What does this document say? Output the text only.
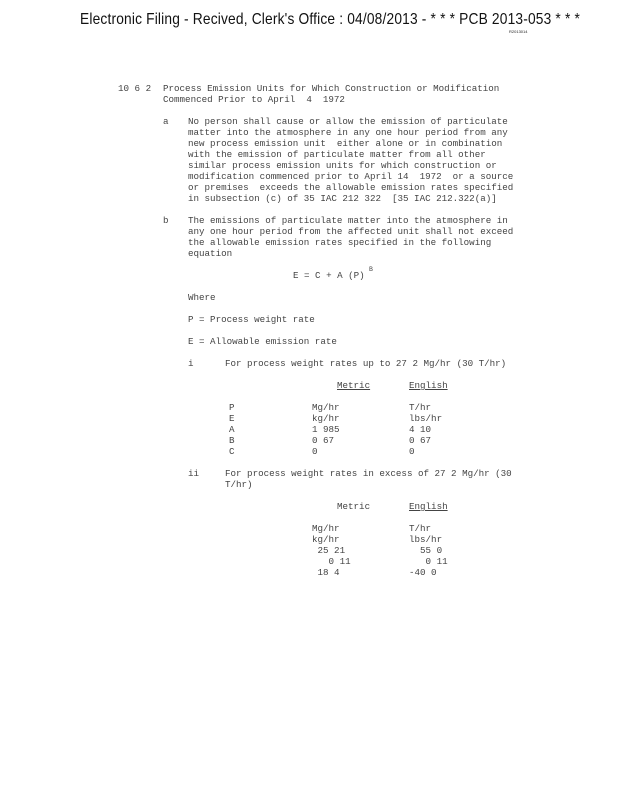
Electronic Filing - Recived, Clerk's Office : 04/08/2013 - * * * PCB 2013-053 * * *
R2013014
10 6 2 Process Emission Units for Which Construction or Modification
Commenced Prior to April  4  1972
a No person shall cause or allow the emission of particulate
matter into the atmosphere in any one hour period from any
new process emission unit  either alone or in combination
with the emission of particulate matter from all other
similar process emission units for which construction or
modification commenced prior to April 14  1972  or a source
or premises  exceeds the allowable emission rates specified
in subsection (c) of 35 IAC 212 322  [35 IAC 212.322(a)]
b The emissions of particulate matter into the atmosphere in
any one hour period from the affected unit shall not exceed
the allowable emission rates specified in the following
equation
E = C + A (P)
B
Where
P = Process weight rate
E = Allowable emission rate
i	For process weight rates up to 27 2 Mg/hr (30 T/hr)
Metric	English
P	Mg/hr	T/hr
E	kg/hr	lbs/hr
A	1 985	4 10
B	0 67	0 67
C	0	0
ii	For process weight rates in excess of 27 2 Mg/hr (30
T/hr)
Metric	English
Mg/hr	T/hr
kg/hr	lbs/hr
25 21	55 0
0 11	0 11
18 4	-40 0
